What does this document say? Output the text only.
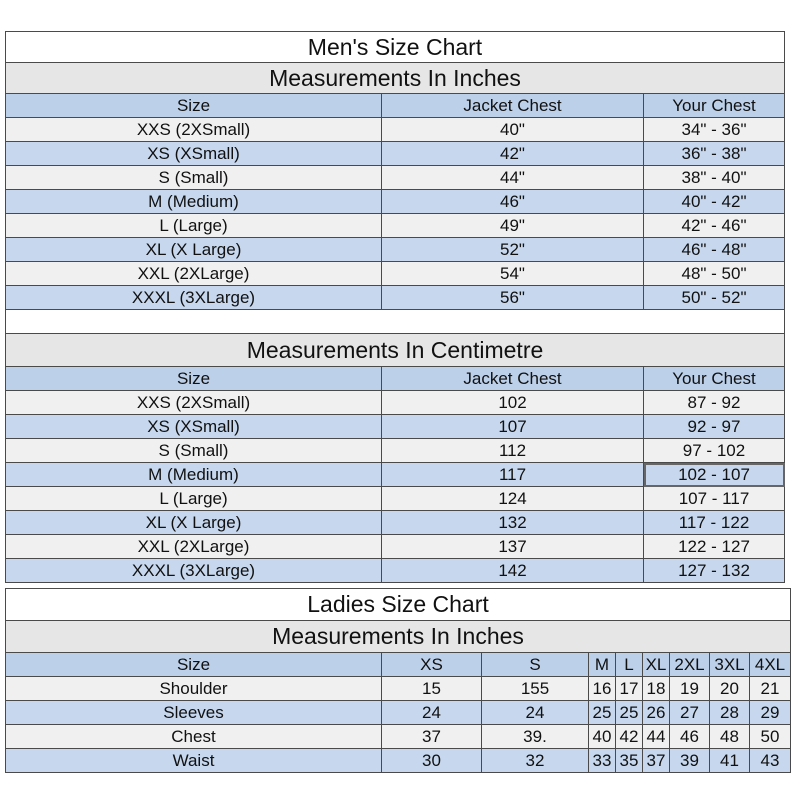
Men's Size Chart		
Measurements In Inches		
Size	Jacket Chest	Your Chest
XXS (2XSmall)	40"	34" - 36"
XS (XSmall)	42"	36" - 38"
S (Small)	44"	38" - 40"
M (Medium)	46"	40" - 42"
L (Large)	49"	42" - 46"
XL (X Large)	52"	46" - 48"
XXL (2XLarge)	54"	48" - 50"
XXXL (3XLarge)	56"	50" - 52"

Measurements In Centimetre		
Size	Jacket Chest	Your Chest
XXS (2XSmall)	102	87 - 92
XS (XSmall)	107	92 - 97
S (Small)	112	97 - 102
M (Medium)	117	102 - 107
L (Large)	124	107 - 117
XL (X Large)	132	117 - 122
XXL (2XLarge)	137	122 - 127
XXXL (3XLarge)	142	127 - 132
Ladies Size Chart								
Measurements In Inches								
Size	XS	S	M	L	XL	2XL	3XL	4XL
Shoulder	15	155	16	17	18	19	20	21
Sleeves	24	24	25	25	26	27	28	29
Chest	37	39.	40	42	44	46	48	50
Waist	30	32	33	35	37	39	41	43
